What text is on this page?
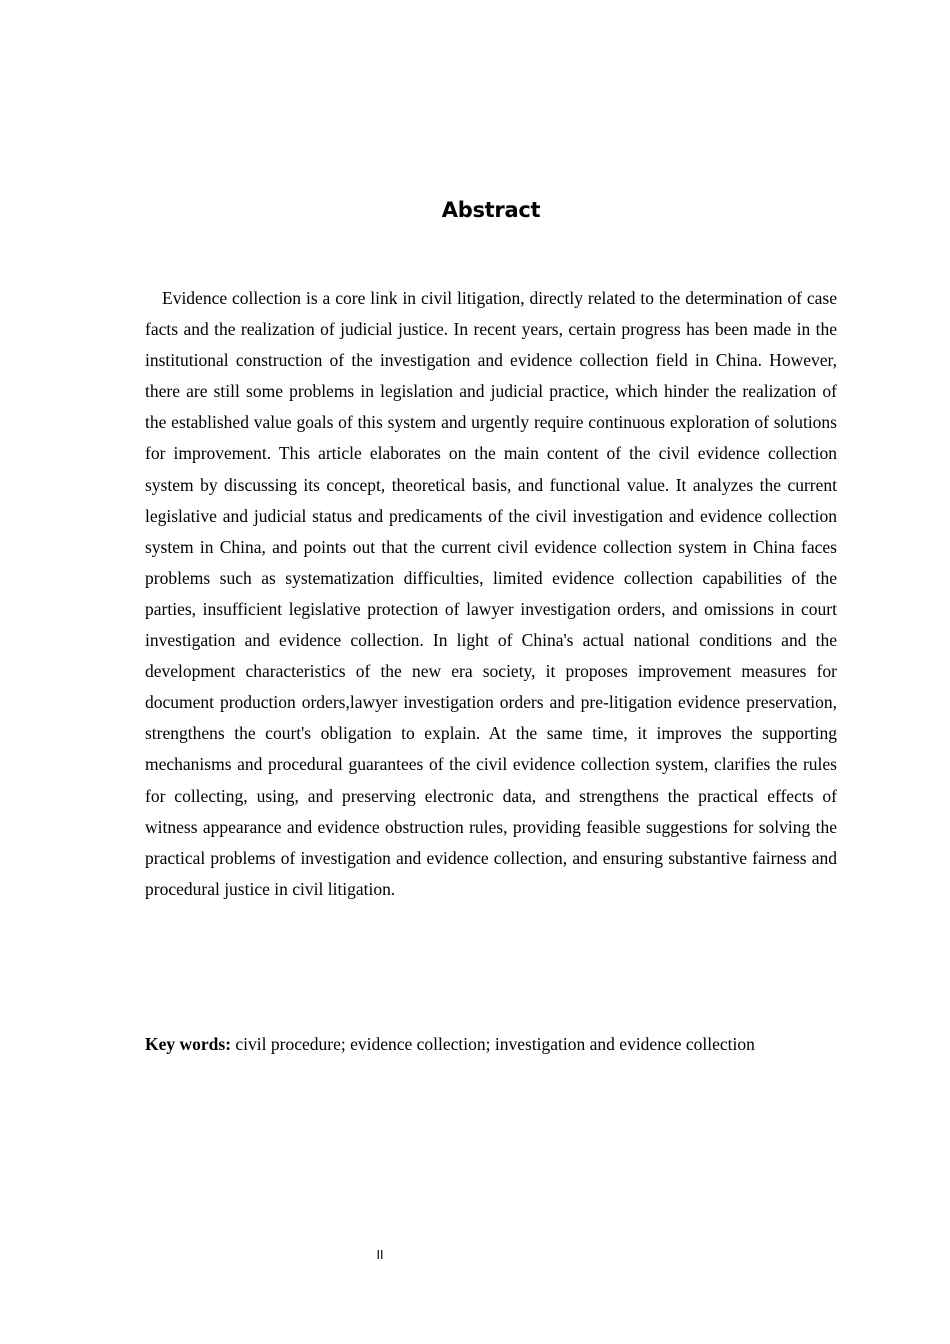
Abstract

Evidence collection is a core link in civil litigation, directly related to the determination of case facts and the realization of judicial justice. In recent years, certain progress has been made in the institutional construction of the investigation and evidence collection field in China. However, there are still some problems in legislation and judicial practice, which hinder the realization of the established value goals of this system and urgently require continuous exploration of solutions for improvement. This article elaborates on the main content of the civil evidence collection system by discussing its concept, theoretical basis, and functional value. It analyzes the current legislative and judicial status and predicaments of the civil investigation and evidence collection system in China, and points out that the current civil evidence collection system in China faces problems such as systematization difficulties, limited evidence collection capabilities of the parties, insufficient legislative protection of lawyer investigation orders, and omissions in court investigation and evidence collection. In light of China's actual national conditions and the development characteristics of the new era society, it proposes improvement measures for document production orders,lawyer investigation orders and pre-litigation evidence preservation, strengthens the court's obligation to explain. At the same time, it improves the supporting mechanisms and procedural guarantees of the civil evidence collection system, clarifies the rules for collecting, using, and preserving electronic data, and strengthens the practical effects of witness appearance and evidence obstruction rules, providing feasible suggestions for solving the practical problems of investigation and evidence collection, and ensuring substantive fairness and procedural justice in civil litigation.

Key words: civil procedure; evidence collection; investigation and evidence collection

II
